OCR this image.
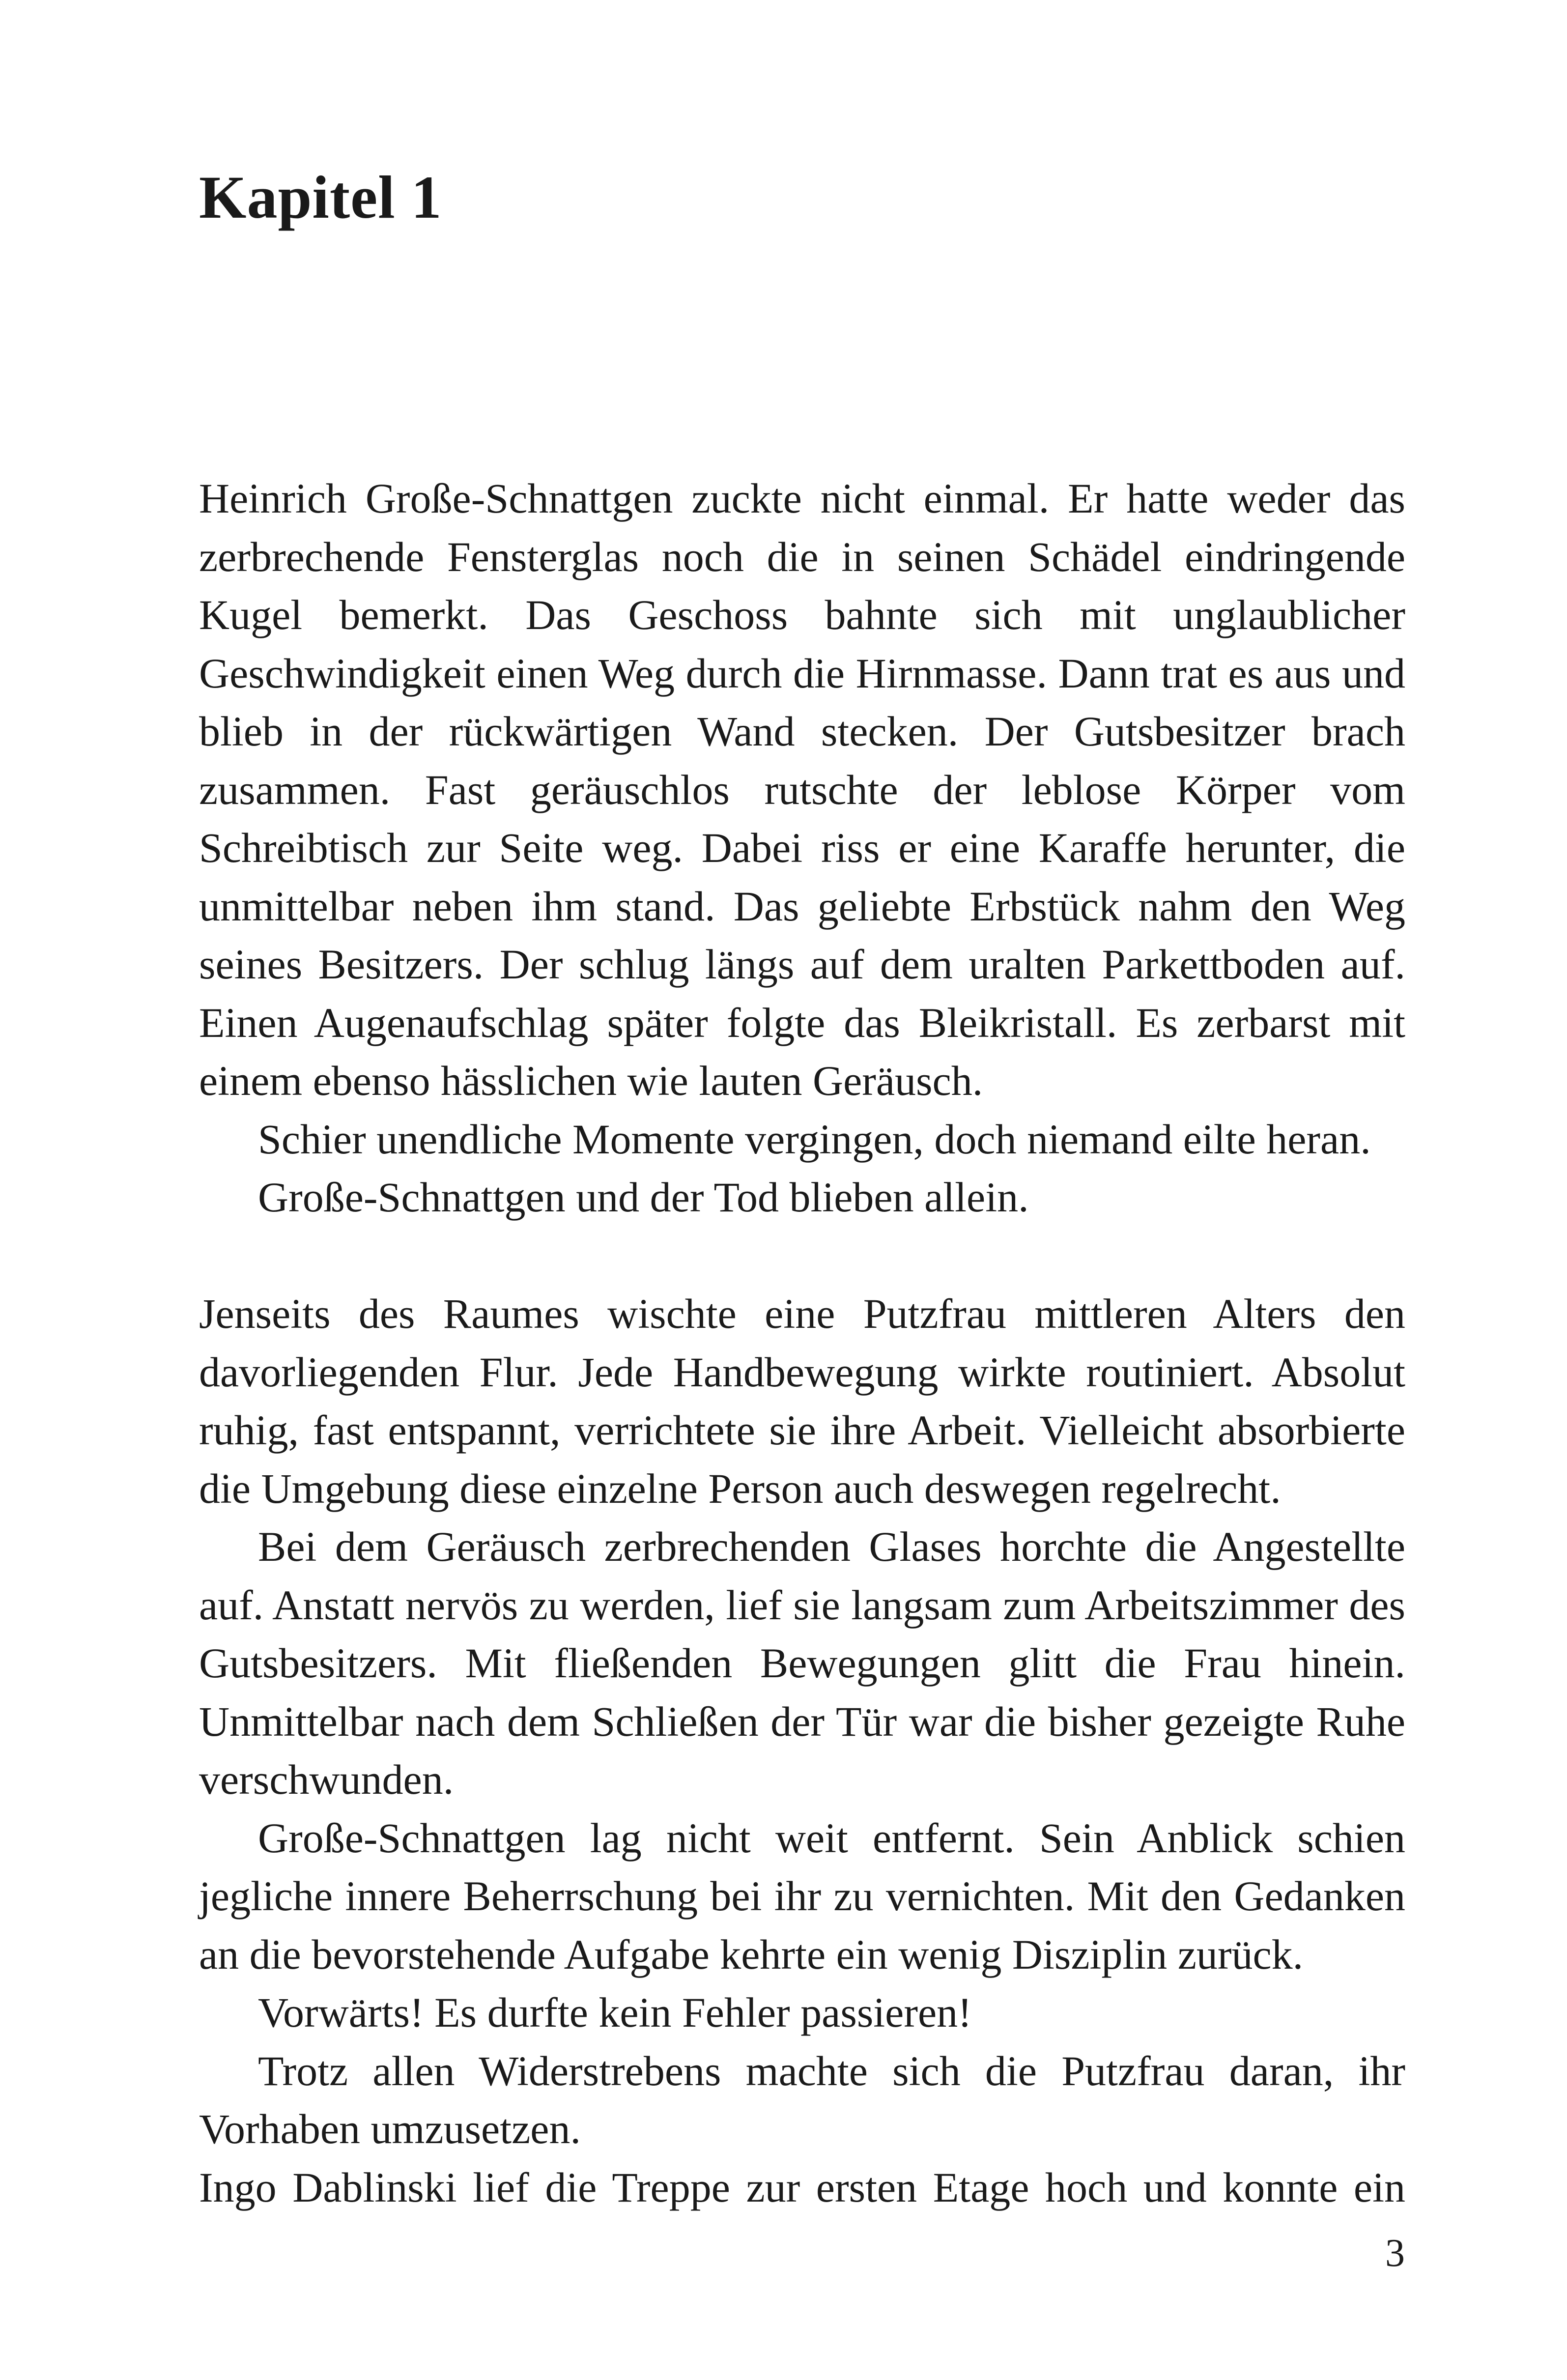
Kapitel 1

Heinrich Große-Schnattgen zuckte nicht einmal. Er hatte weder das zerbrechende Fensterglas noch die in seinen Schädel eindringende Kugel bemerkt. Das Geschoss bahnte sich mit unglaublicher Geschwindigkeit einen Weg durch die Hirnmasse. Dann trat es aus und blieb in der rückwärtigen Wand stecken. Der Gutsbesitzer brach zusammen. Fast geräuschlos rutschte der leblose Körper vom Schreibtisch zur Seite weg. Dabei riss er eine Karaffe herunter, die unmittelbar neben ihm stand. Das geliebte Erbstück nahm den Weg seines Besitzers. Der schlug längs auf dem uralten Parkettboden auf. Einen Augenaufschlag später folgte das Bleikristall. Es zerbarst mit einem ebenso hässlichen wie lauten Geräusch.

Schier unendliche Momente vergingen, doch niemand eilte heran.

Große-Schnattgen und der Tod blieben allein.

Jenseits des Raumes wischte eine Putzfrau mittleren Alters den davorliegenden Flur. Jede Handbewegung wirkte routiniert. Absolut ruhig, fast entspannt, verrichtete sie ihre Arbeit. Vielleicht absorbierte die Umgebung diese einzelne Person auch deswegen regelrecht.

Bei dem Geräusch zerbrechenden Glases horchte die Angestellte auf. Anstatt nervös zu werden, lief sie langsam zum Arbeitszimmer des Gutsbesitzers. Mit fließenden Bewegungen glitt die Frau hinein. Unmittelbar nach dem Schließen der Tür war die bisher gezeigte Ruhe verschwunden.

Große-Schnattgen lag nicht weit entfernt. Sein Anblick schien jegliche innere Beherrschung bei ihr zu vernichten. Mit den Gedanken an die bevorstehende Aufgabe kehrte ein wenig Disziplin zurück.

Vorwärts! Es durfte kein Fehler passieren!

Trotz allen Widerstrebens machte sich die Putzfrau daran, ihr Vorhaben umzusetzen.

Ingo Dablinski lief die Treppe zur ersten Etage hoch und konnte ein

3
